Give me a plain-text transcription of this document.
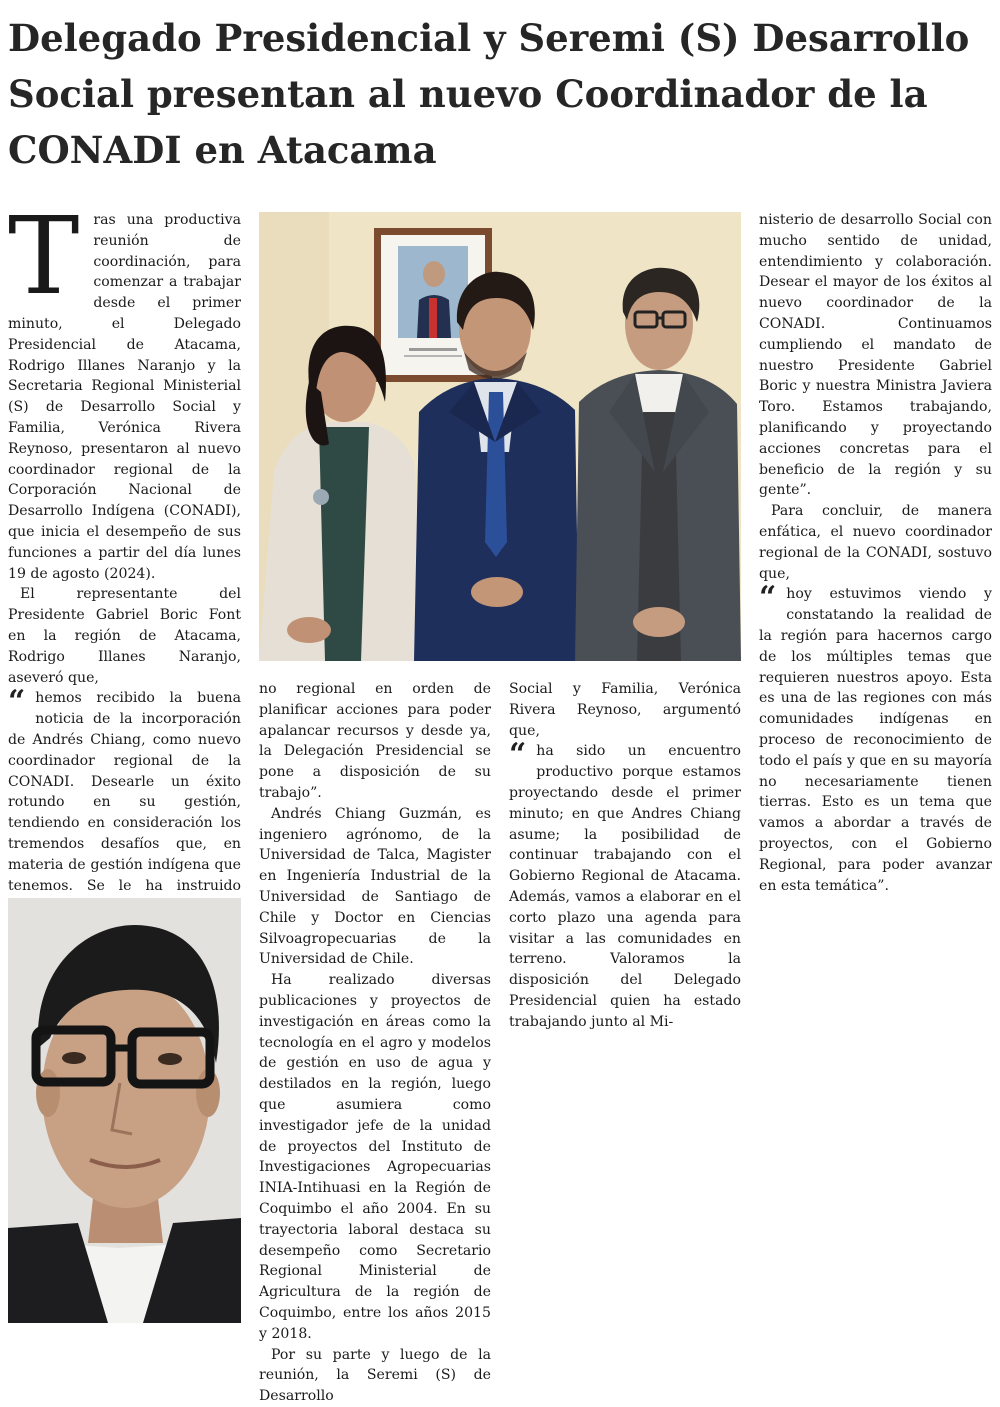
Delegado Presidencial y Seremi (S) Desarrollo Social presentan al nuevo Coordinador de la CONADI en Atacama

Tras una productiva reunión de coordinación, para comenzar a trabajar desde el primer minuto, el Delegado Presidencial de Atacama, Rodrigo Illanes Naranjo y la Secretaria Regional Ministerial (S) de Desarrollo Social y Familia, Verónica Rivera Reynoso, presentaron al nuevo coordinador regional de la Corporación Nacional de Desarrollo Indígena (CONADI), que inicia el desempeño de sus funciones a partir del día lunes 19 de agosto (2024).

El representante del Presidente Gabriel Boric Font en la región de Atacama, Rodrigo Illanes Naranjo, aseveró que,

“ hemos recibido la buena noticia de la incorporación de Andrés Chiang, como nuevo coordinador regional de la CONADI. Desearle un éxito rotundo en su gestión, tendiendo en consideración los tremendos desafíos que, en materia de gestión indígena que tenemos. Se le ha instruido

no regional en orden de planificar acciones para poder apalancar recursos y desde ya, la Delegación Presidencial se pone a disposición de su trabajo”.

Andrés Chiang Guzmán, es ingeniero agrónomo, de la Universidad de Talca, Magister en Ingeniería Industrial de la Universidad de Santiago de Chile y Doctor en Ciencias Silvoagropecuarias de la Universidad de Chile.

Ha realizado diversas publicaciones y proyectos de investigación en áreas como la tecnología en el agro y modelos de gestión en uso de agua y destilados en la región, luego que asumiera como investigador jefe de la unidad de proyectos del Instituto de Investigaciones Agropecuarias INIA-Intihuasi en la Región de Coquimbo el año 2004. En su trayectoria laboral destaca su desempeño como Secretario Regional Ministerial de Agricultura de la región de Coquimbo, entre los años 2015 y 2018.

Por su parte y luego de la reunión, la Seremi (S) de Desarrollo

Social y Familia, Verónica Rivera Reynoso, argumentó que,

“ ha sido un encuentro productivo porque estamos proyectando desde el primer minuto; en que Andres Chiang asume; la posibilidad de continuar trabajando con el Gobierno Regional de Atacama. Además, vamos a elaborar en el corto plazo una agenda para visitar a las comunidades en terreno. Valoramos la disposición del Delegado Presidencial quien ha estado trabajando junto al Mi-

nisterio de desarrollo Social con mucho sentido de unidad, entendimiento y colaboración. Desear el mayor de los éxitos al nuevo coordinador de la CONADI. Continuamos cumpliendo el mandato de nuestro Presidente Gabriel Boric y nuestra Ministra Javiera Toro. Estamos trabajando, planificando y proyectando acciones concretas para el beneficio de la región y su gente”.

Para concluir, de manera enfática, el nuevo coordinador regional de la CONADI, sostuvo que,

“ hoy estuvimos viendo y constatando la realidad de la región para hacernos cargo de los múltiples temas que requieren nuestros apoyo. Esta es una de las regiones con más comunidades indígenas en proceso de reconocimiento de todo el país y que en su mayoría no necesariamente tienen tierras. Esto es un tema que vamos a abordar a través de proyectos, con el Gobierno Regional, para poder avanzar en esta temática”.
